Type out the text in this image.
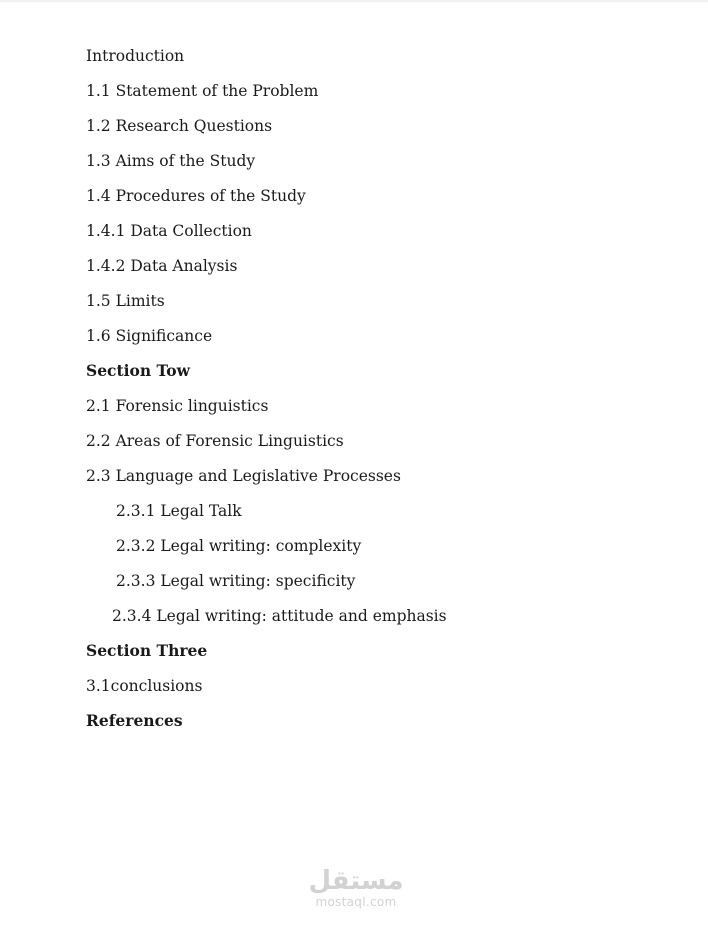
Introduction
1.1 Statement of the Problem
1.2 Research Questions
1.3 Aims of the Study
1.4 Procedures of the Study
1.4.1 Data Collection
1.4.2 Data Analysis
1.5 Limits
1.6 Significance
Section Tow
2.1 Forensic linguistics
2.2 Areas of Forensic Linguistics
2.3 Language and Legislative Processes
2.3.1 Legal Talk
2.3.2 Legal writing: complexity
2.3.3 Legal writing: specificity
2.3.4 Legal writing: attitude and emphasis
Section Three
3.1conclusions
References
مستقل
mostaql.com
